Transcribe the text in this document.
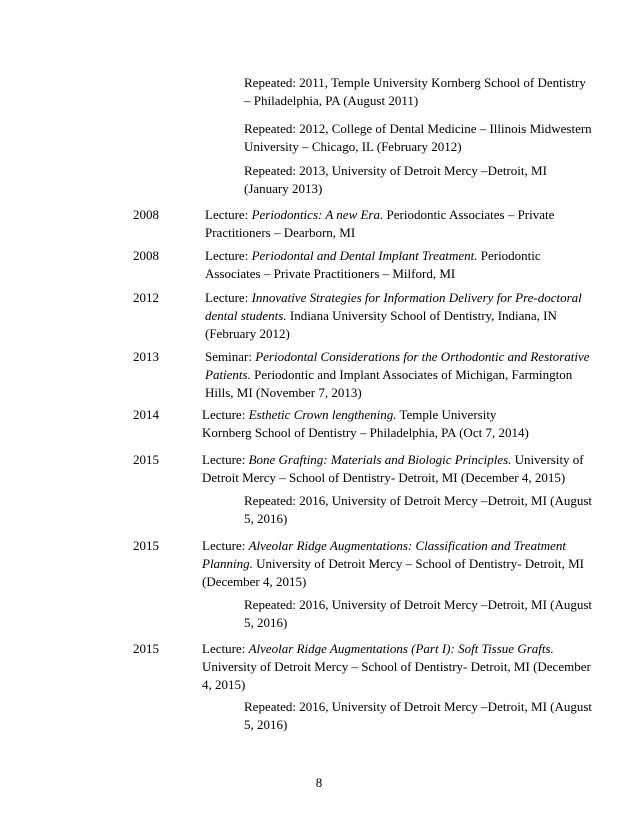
Repeated: 2011, Temple University Kornberg School of Dentistry – Philadelphia, PA (August 2011)

Repeated: 2012, College of Dental Medicine – Illinois Midwestern University – Chicago, IL (February 2012)

Repeated: 2013, University of Detroit Mercy –Detroit, MI (January 2013)

2008	Lecture: Periodontics: A new Era. Periodontic Associates – Private Practitioners – Dearborn, MI

2008	Lecture: Periodontal and Dental Implant Treatment. Periodontic Associates – Private Practitioners – Milford, MI

2012	Lecture: Innovative Strategies for Information Delivery for Pre-doctoral dental students. Indiana University School of Dentistry, Indiana, IN (February 2012)

2013	Seminar: Periodontal Considerations for the Orthodontic and Restorative Patients. Periodontic and Implant Associates of Michigan, Farmington Hills, MI (November 7, 2013)

2014	Lecture: Esthetic Crown lengthening. Temple University Kornberg School of Dentistry – Philadelphia, PA (Oct 7, 2014)

2015	Lecture: Bone Grafting: Materials and Biologic Principles. University of Detroit Mercy – School of Dentistry- Detroit, MI (December 4, 2015)

Repeated: 2016, University of Detroit Mercy –Detroit, MI (August 5, 2016)

2015	Lecture: Alveolar Ridge Augmentations: Classification and Treatment Planning. University of Detroit Mercy – School of Dentistry- Detroit, MI (December 4, 2015)

Repeated: 2016, University of Detroit Mercy –Detroit, MI (August 5, 2016)

2015	Lecture: Alveolar Ridge Augmentations (Part I): Soft Tissue Grafts. University of Detroit Mercy – School of Dentistry- Detroit, MI (December 4, 2015)

Repeated: 2016, University of Detroit Mercy –Detroit, MI (August 5, 2016)

8
